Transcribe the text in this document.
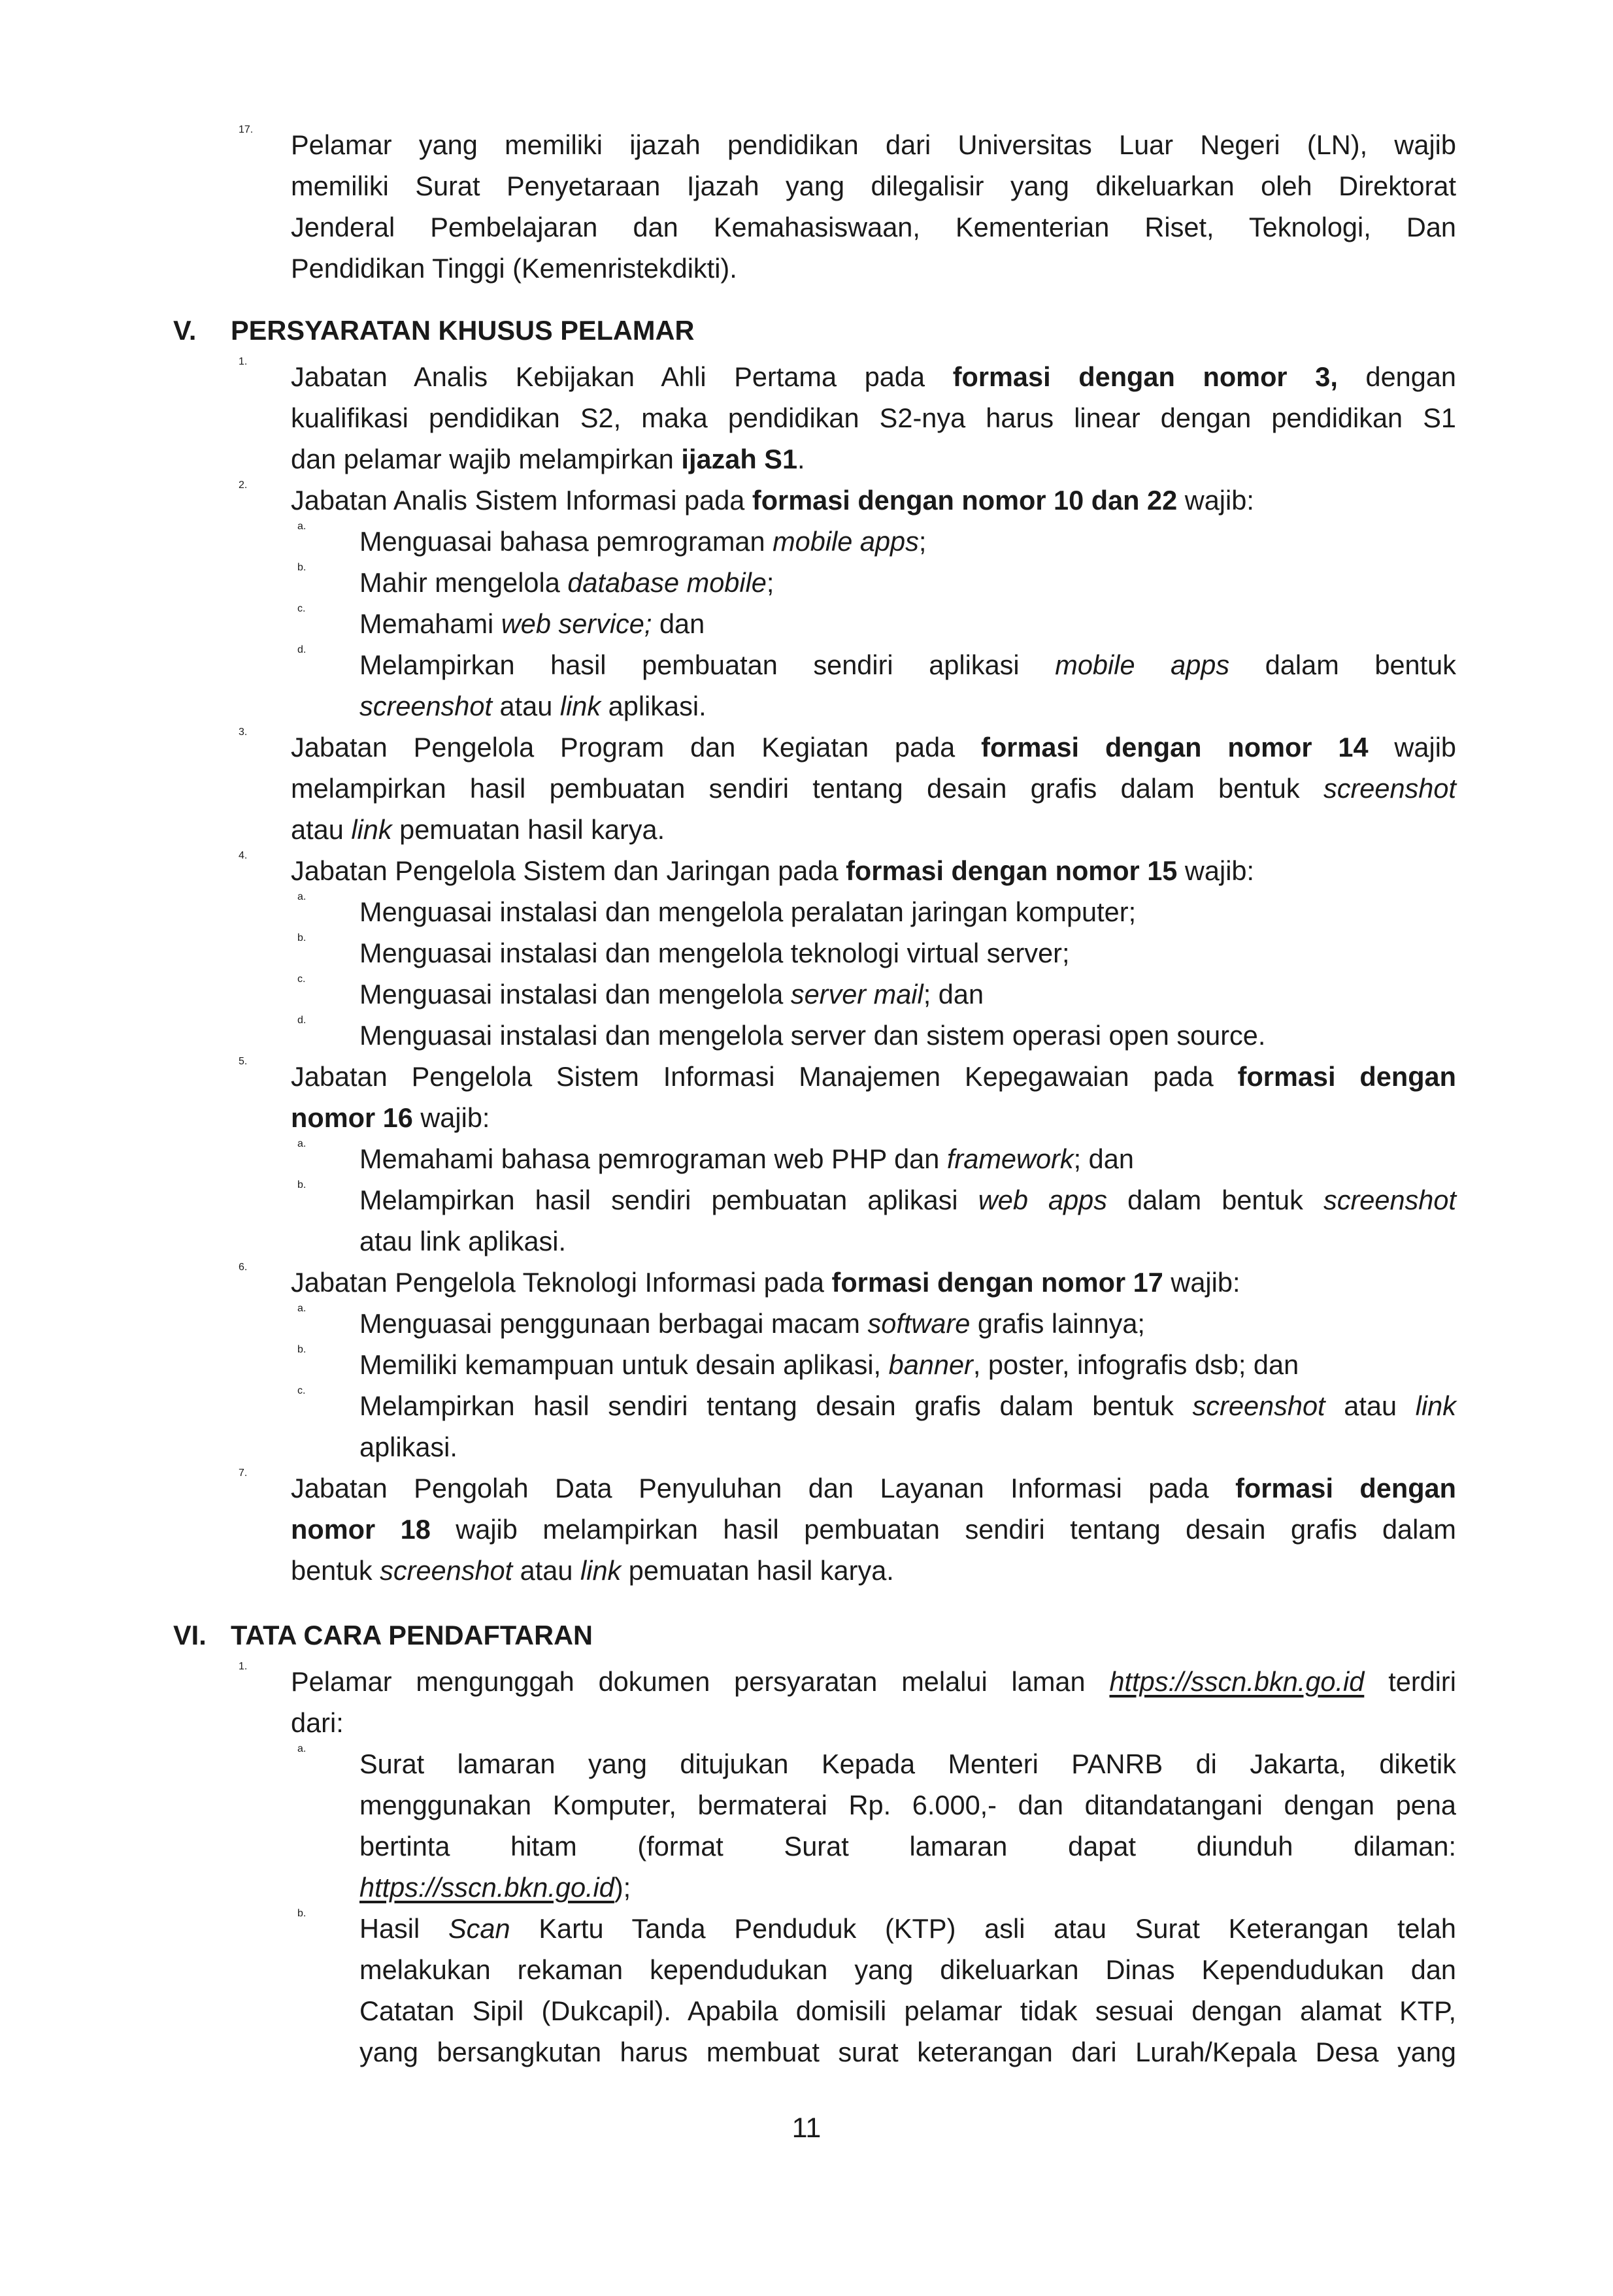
17. Pelamar yang memiliki ijazah pendidikan dari Universitas Luar Negeri (LN), wajib
memiliki Surat Penyetaraan Ijazah yang dilegalisir yang dikeluarkan oleh Direktorat
Jenderal Pembelajaran dan Kemahasiswaan, Kementerian Riset, Teknologi, Dan
Pendidikan Tinggi (Kemenristekdikti).
V. PERSYARATAN KHUSUS PELAMAR
1. Jabatan Analis Kebijakan Ahli Pertama pada formasi dengan nomor 3, dengan
kualifikasi pendidikan S2, maka pendidikan S2-nya harus linear dengan pendidikan S1
dan pelamar wajib melampirkan ijazah S1.
2. Jabatan Analis Sistem Informasi pada formasi dengan nomor 10 dan 22 wajib:
a. Menguasai bahasa pemrograman mobile apps;
b. Mahir mengelola database mobile;
c. Memahami web service; dan
d. Melampirkan hasil pembuatan sendiri aplikasi mobile apps dalam bentuk
screenshot atau link aplikasi.
3. Jabatan Pengelola Program dan Kegiatan pada formasi dengan nomor 14 wajib
melampirkan hasil pembuatan sendiri tentang desain grafis dalam bentuk screenshot
atau link pemuatan hasil karya.
4. Jabatan Pengelola Sistem dan Jaringan pada formasi dengan nomor 15 wajib:
a. Menguasai instalasi dan mengelola peralatan jaringan komputer;
b. Menguasai instalasi dan mengelola teknologi virtual server;
c. Menguasai instalasi dan mengelola server mail; dan
d. Menguasai instalasi dan mengelola server dan sistem operasi open source.
5. Jabatan Pengelola Sistem Informasi Manajemen Kepegawaian pada formasi dengan
nomor 16 wajib:
a. Memahami bahasa pemrograman web PHP dan framework; dan
b. Melampirkan hasil sendiri pembuatan aplikasi web apps dalam bentuk screenshot
atau link aplikasi.
6. Jabatan Pengelola Teknologi Informasi pada formasi dengan nomor 17 wajib:
a. Menguasai penggunaan berbagai macam software grafis lainnya;
b. Memiliki kemampuan untuk desain aplikasi, banner, poster, infografis dsb; dan
c. Melampirkan hasil sendiri tentang desain grafis dalam bentuk screenshot atau link
aplikasi.
7. Jabatan Pengolah Data Penyuluhan dan Layanan Informasi pada formasi dengan
nomor 18 wajib melampirkan hasil pembuatan sendiri tentang desain grafis dalam
bentuk screenshot atau link pemuatan hasil karya.
VI. TATA CARA PENDAFTARAN
1. Pelamar mengunggah dokumen persyaratan melalui laman https://sscn.bkn.go.id terdiri
dari:
a. Surat lamaran yang ditujukan Kepada Menteri PANRB di Jakarta, diketik
menggunakan Komputer, bermaterai Rp. 6.000,- dan ditandatangani dengan pena
bertinta hitam (format Surat lamaran dapat diunduh dilaman:
https://sscn.bkn.go.id);
b. Hasil Scan Kartu Tanda Penduduk (KTP) asli atau Surat Keterangan telah
melakukan rekaman kependudukan yang dikeluarkan Dinas Kependudukan dan
Catatan Sipil (Dukcapil). Apabila domisili pelamar tidak sesuai dengan alamat KTP,
yang bersangkutan harus membuat surat keterangan dari Lurah/Kepala Desa yang
11
